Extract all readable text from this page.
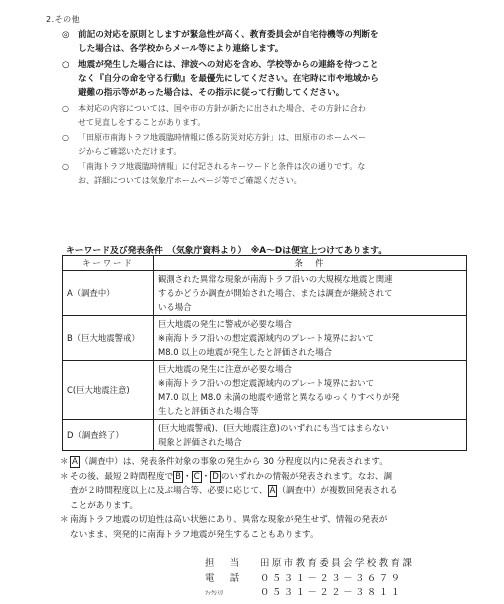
2.その他
◎ 前記の対応を原則としますが緊急性が高く、教育委員会が自宅待機等の判断を
した場合は、各学校からメール等により連絡します。
○ 地震が発生した場合には、津波への対応を含め、学校等からの連絡を待つこと
なく『自分の命を守る行動』を最優先にしてください。在宅時に市や地域から
避難の指示等があった場合は、その指示に従って行動してください。
○	本対応の内容については、国や市の方針が新たに出された場合、その方針に合わ
せて見直しをすることがあります。
○	「田原市南海トラフ地震臨時情報に係る防災対応方針」は、田原市のホームペー
ジからご確認いただけます。
○	「南海トラフ地震臨時情報」に付記されるキーワードと条件は次の通りです。な
お、詳細については気象庁ホームページ等でご確認ください。
キーワード及び発表条件　（気象庁資料より）　※A～Dは便宜上つけてあります。
キーワード	条　件
A（調査中）	観測された異常な現象が南海トラフ沿いの大規模な地震と関連
するかどうか調査が開始された場合、または調査が継続されて
いる場合

B（巨大地震警戒）	巨大地震の発生に警戒が必要な場合
※南海トラフ沿いの想定震源域内のプレート境界において
M8.0 以上の地震が発生したと評価された場合

C(巨大地震注意)	巨大地震の発生に注意が必要な場合
※南海トラフ沿いの想定震源域内のプレート境界において
M7.0 以上 M8.0 未満の地震や通常と異なるゆっくりすべりが発
生したと評価された場合等

D（調査終了）	(巨大地震警戒)、(巨大地震注意)のいずれにも当てはまらない
現象と評価された場合
＊ A （調査中）は、発表条件対象の事象の発生から 30 分程度以内に発表されます。
＊ その後、最短２時間程度で B ・ C ・ D のいずれかの情報が発表されます。なお、調
査が２時間程度以上に及ぶ場合等、必要に応じて、 A （調査中）が複数回発表される
ことがあります。
＊ 南海トラフ地震の切迫性は高い状態にあり、異常な現象が発生せず、情報の発表が
ないまま、突発的に南海トラフ地震が発生することもあります。
担　当 田原市教育委員会学校教育課
電　話 ０５３１－２３－３６７９
ﾌｧｸｼﾐﾘ	０５３１－２２－３８１１
